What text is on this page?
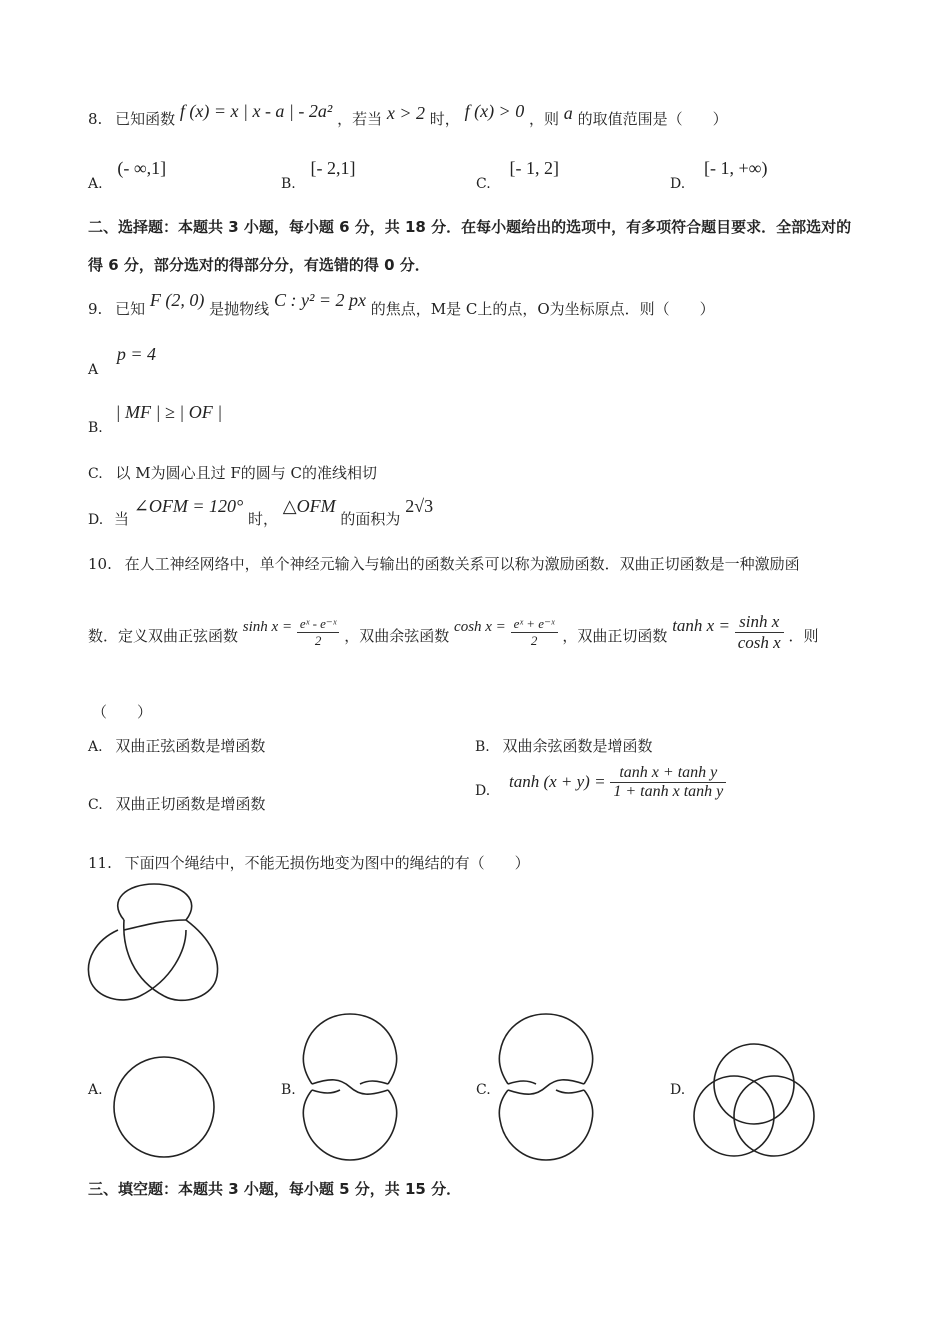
8. 已知函数 f (x) = x | x - a | - 2a² ，若当 x > 2 时， f (x) > 0 ，则 a 的取值范围是（　　）
A. (- ∞,1]
B. [- 2,1]
C. [- 1, 2]
D. [- 1, +∞)
二、选择题：本题共 3 小题，每小题 6 分，共 18 分．在每小题给出的选项中，有多项符合题目要求．全部选对的
得 6 分，部分选对的得部分分，有选错的得 0 分．
9. 已知 F (2, 0) 是抛物线 C : y² = 2 px 的焦点，M是 C上的点，O为坐标原点．则（　　）
A p = 4
B. | MF | ≥ | OF |
C. 以 M为圆心且过 F的圆与 C的准线相切
D. 当 ∠OFM = 120° 时， △OFM 的面积为 2√3
10. 在人工神经网络中，单个神经元输入与输出的函数关系可以称为激励函数．双曲正切函数是一种激励函
数．定义双曲正弦函数 $\sinh x = \frac{\text{eˣ - e⁻ˣ}}{2}$ ，双曲余弦函数 $\cosh x = \frac{\text{eˣ + e⁻ˣ}}{2}$ ，双曲正切函数 $\tanh x = \frac{\text{sinh x}}{\text{cosh x}}$ ．则
（　　）
A. 双曲正弦函数是增函数	B. 双曲余弦函数是增函数
C. 双曲正切函数是增函数
D. $\tanh (x + y) = \frac{\text{tanh x + tanh y}}{\text{1 + tanh x tanh y}}$
11. 下面四个绳结中，不能无损伤地变为图中的绳结的有（　　）
A.	B.	C.	D.
三、填空题：本题共 3 小题，每小题 5 分，共 15 分．
